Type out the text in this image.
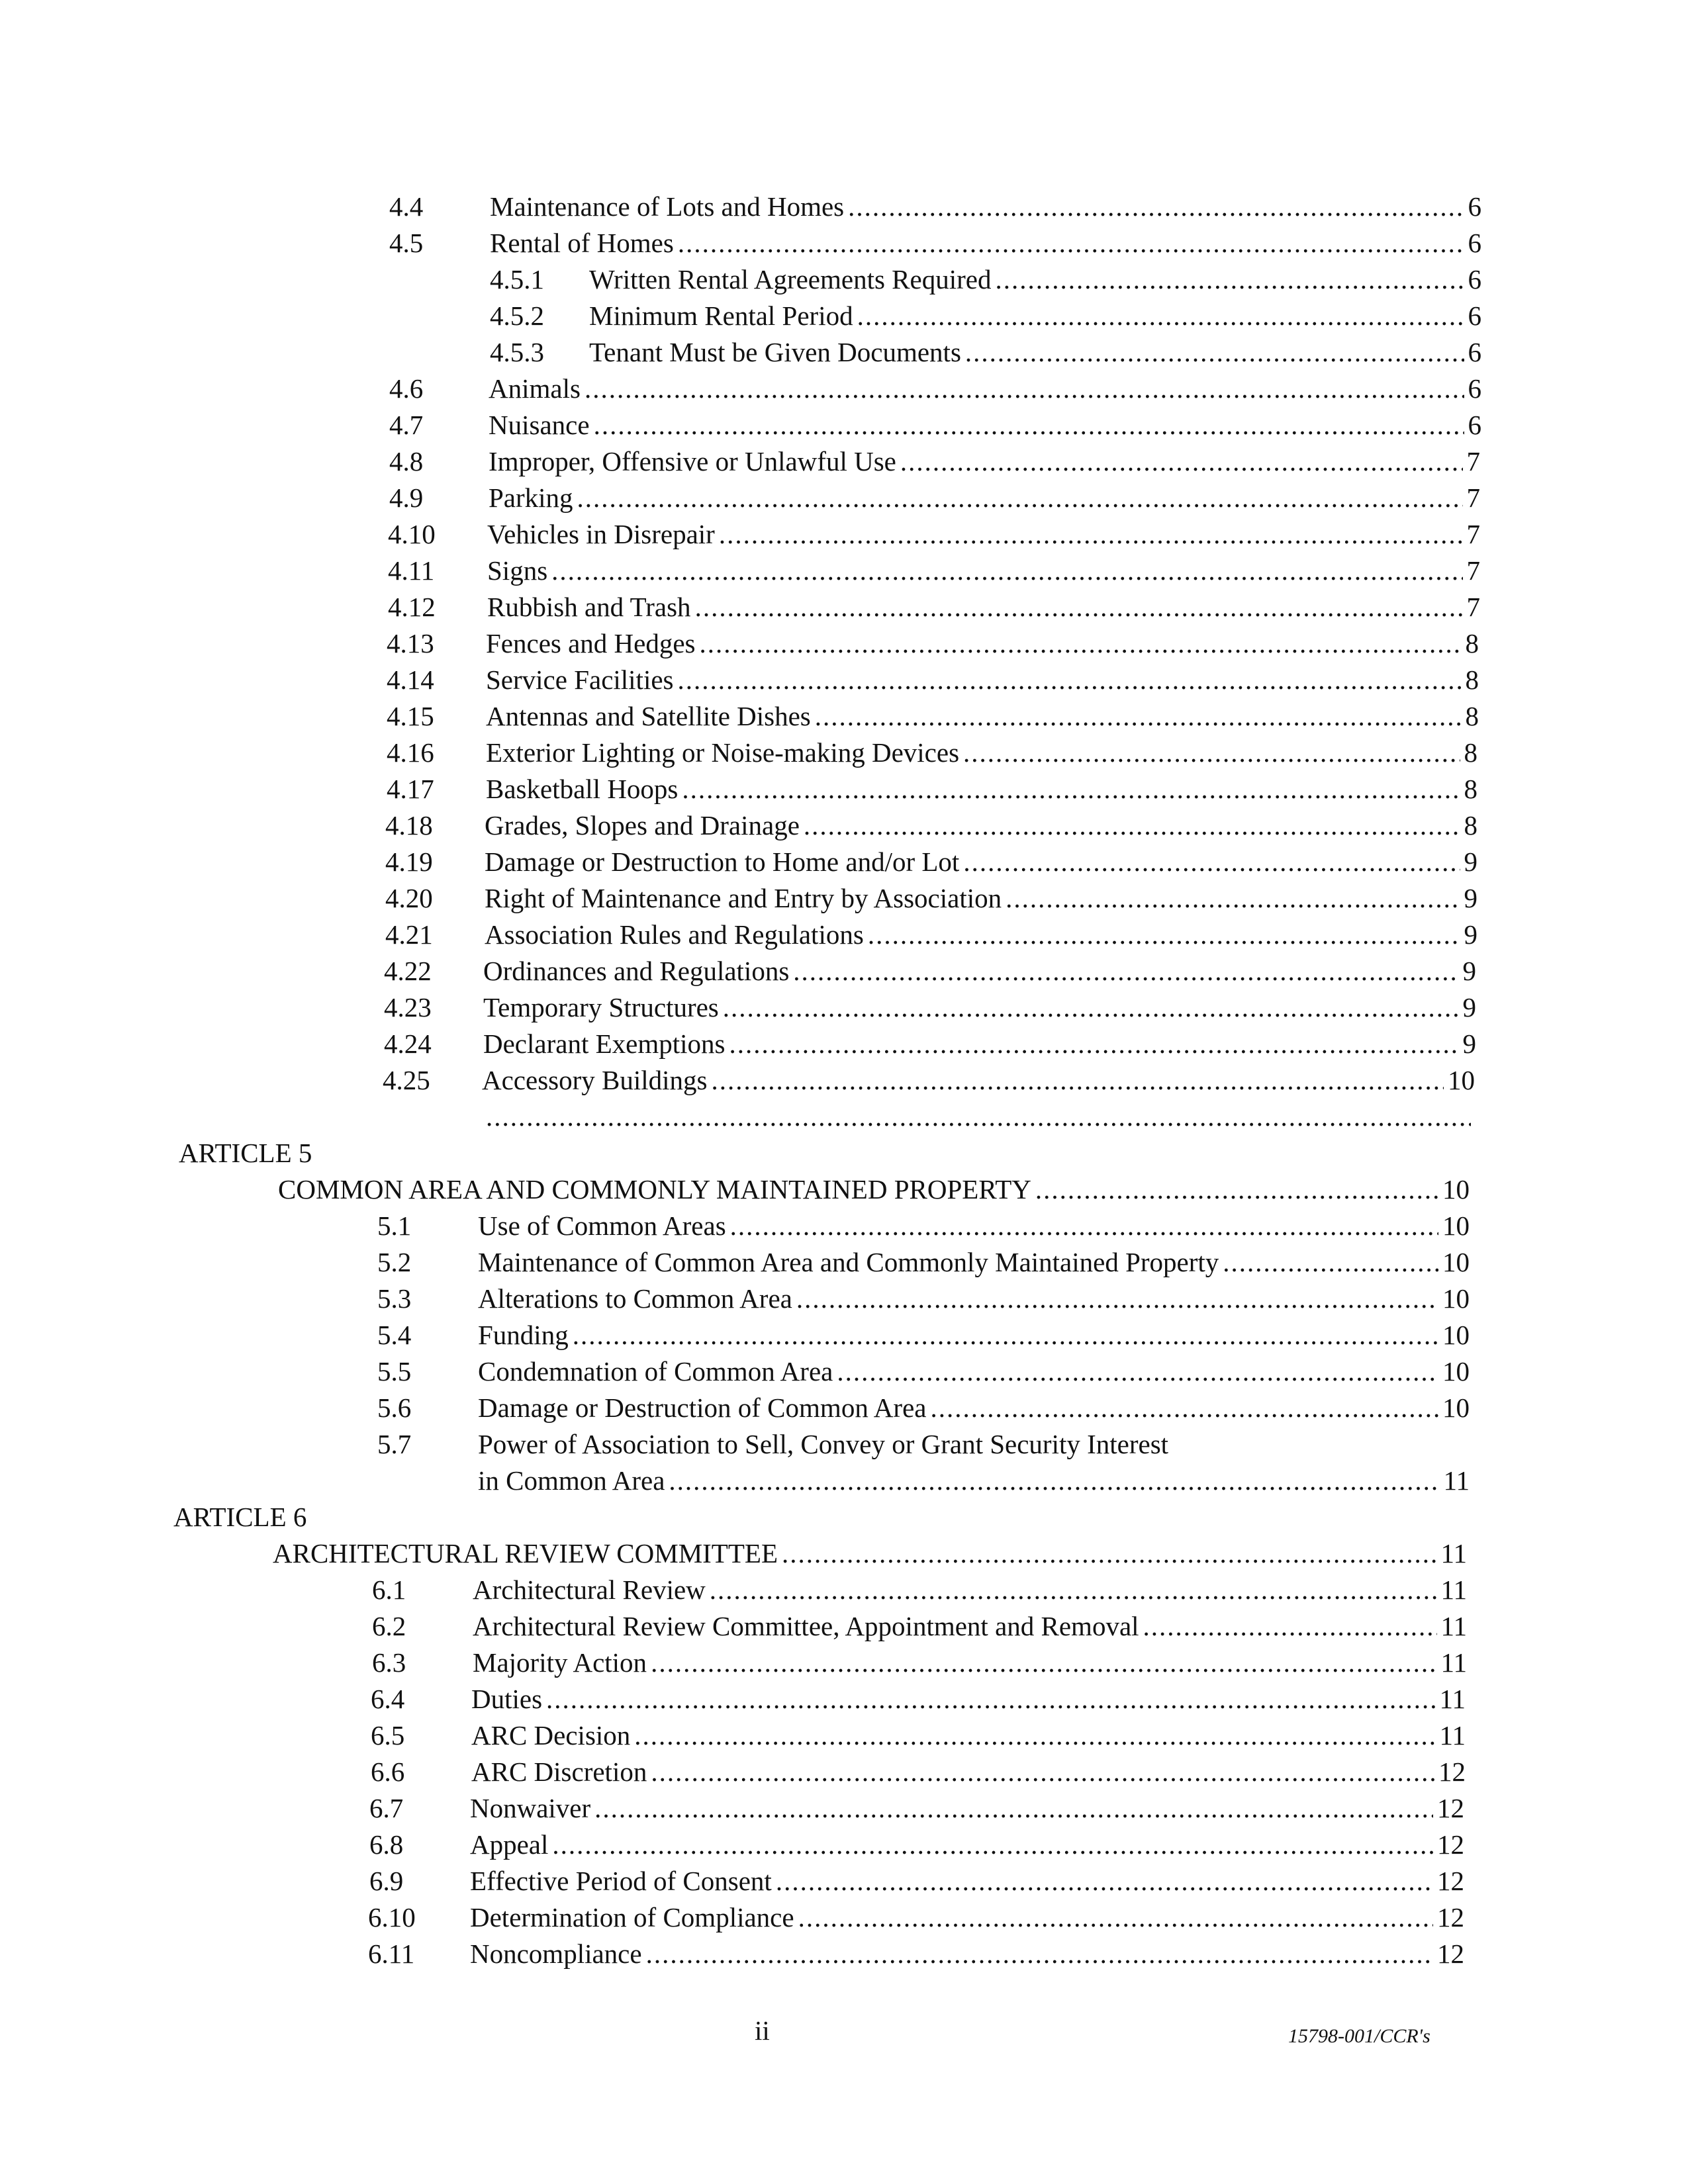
4.4 Maintenance of Lots and Homes .....	6
4.5 Rental of Homes .....	6
4.5.1 Written Rental Agreements Required .....	6
4.5.2 Minimum Rental Period .....	6
4.5.3 Tenant Must be Given Documents .....	6
4.6 Animals .....	6
4.7 Nuisance .....	6
4.8 Improper, Offensive or Unlawful Use .....	7
4.9 Parking .....	7
4.10 Vehicles in Disrepair .....	7
4.11 Signs .....	7
4.12 Rubbish and Trash .....	7
4.13 Fences and Hedges .....	8
4.14 Service Facilities .....	8
4.15 Antennas and Satellite Dishes .....	8
4.16 Exterior Lighting or Noise-making Devices .....	8
4.17 Basketball Hoops .....	8
4.18 Grades, Slopes and Drainage .....	8
4.19 Damage or Destruction to Home and/or Lot .....	9
4.20 Right of Maintenance and Entry by Association .....	9
4.21 Association Rules and Regulations .....	9
4.22 Ordinances and Regulations .....	9
4.23 Temporary Structures .....	9
4.24 Declarant Exemptions .....	9
4.25 Accessory Buildings .....	10
ARTICLE 5
COMMON AREA AND COMMONLY MAINTAINED PROPERTY .....	10
5.1 Use of Common Areas .....	10
5.2 Maintenance of Common Area and Commonly Maintained Property .....	10
5.3 Alterations to Common Area .....	10
5.4 Funding .....	10
5.5 Condemnation of Common Area .....	10
5.6 Damage or Destruction of Common Area .....	10
5.7 Power of Association to Sell, Convey or Grant Security Interest
in Common Area .....	11
ARTICLE 6
ARCHITECTURAL REVIEW COMMITTEE .....	11
6.1 Architectural Review .....	11
6.2 Architectural Review Committee, Appointment and Removal .....	11
6.3 Majority Action .....	11
6.4 Duties .....	11
6.5 ARC Decision .....	11
6.6 ARC Discretion .....	12
6.7 Nonwaiver .....	12
6.8 Appeal .....	12
6.9 Effective Period of Consent .....	12
6.10 Determination of Compliance .....	12
6.11 Noncompliance .....	12
.....
ii	15798-001/CCR's
